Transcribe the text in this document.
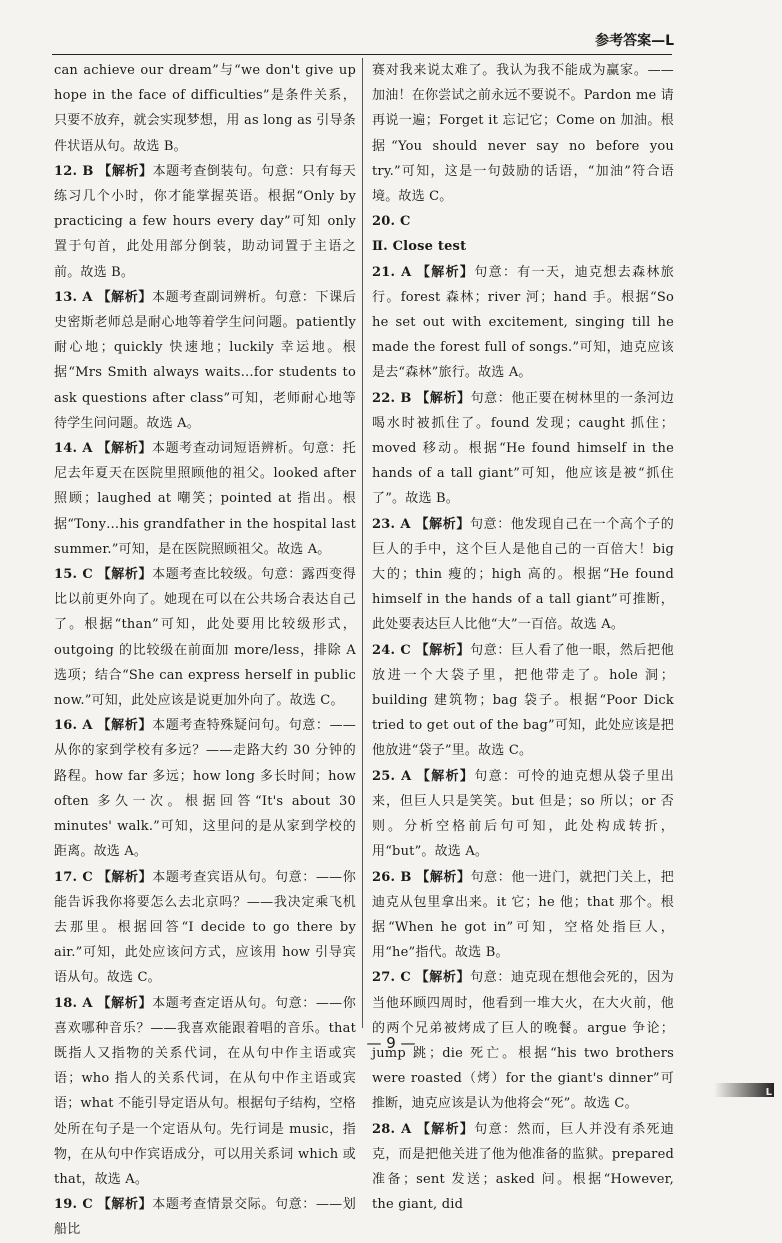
参考答案—L

can achieve our dream”与“we don't give up hope in the face of difficulties”是条件关系，只要不放弃，就会实现梦想，用 as long as 引导条件状语从句。故选 B。

12. B 【解析】本题考查倒装句。句意：只有每天练习几个小时，你才能掌握英语。根据“Only by practicing a few hours every day”可知 only 置于句首，此处用部分倒装，助动词置于主语之前。故选 B。

13. A 【解析】本题考查副词辨析。句意：下课后史密斯老师总是耐心地等着学生问问题。patiently 耐心地；quickly 快速地；luckily 幸运地。根据“Mrs Smith always waits…for students to ask questions after class”可知，老师耐心地等待学生问问题。故选 A。

14. A 【解析】本题考查动词短语辨析。句意：托尼去年夏天在医院里照顾他的祖父。looked after 照顾；laughed at 嘲笑；pointed at 指出。根据“Tony…his grandfather in the hospital last summer.”可知，是在医院照顾祖父。故选 A。

15. C 【解析】本题考查比较级。句意：露西变得比以前更外向了。她现在可以在公共场合表达自己了。根据“than”可知，此处要用比较级形式，outgoing 的比较级在前面加 more/less，排除 A 选项；结合“She can express herself in public now.”可知，此处应该是说更加外向了。故选 C。

16. A 【解析】本题考查特殊疑问句。句意：——从你的家到学校有多远？——走路大约 30 分钟的路程。how far 多远；how long 多长时间；how often 多久一次。根据回答“It's about 30 minutes' walk.”可知，这里问的是从家到学校的距离。故选 A。

17. C 【解析】本题考查宾语从句。句意：——你能告诉我你将要怎么去北京吗？——我决定乘飞机去那里。根据回答“I decide to go there by air.”可知，此处应该问方式，应该用 how 引导宾语从句。故选 C。

18. A 【解析】本题考查定语从句。句意：——你喜欢哪种音乐？——我喜欢能跟着唱的音乐。that 既指人又指物的关系代词，在从句中作主语或宾语；who 指人的关系代词，在从句中作主语或宾语；what 不能引导定语从句。根据句子结构，空格处所在句子是一个定语从句。先行词是 music，指物，在从句中作宾语成分，可以用关系词 which 或 that，故选 A。

19. C 【解析】本题考查情景交际。句意：——划船比

赛对我来说太难了。我认为我不能成为赢家。——加油！在你尝试之前永远不要说不。Pardon me 请再说一遍；Forget it 忘记它；Come on 加油。根据“You should never say no before you try.”可知，这是一句鼓励的话语，“加油”符合语境。故选 C。

20. C

Ⅱ. Close test

21. A 【解析】句意：有一天，迪克想去森林旅行。forest 森林；river 河；hand 手。根据“So he set out with excitement, singing till he made the forest full of songs.”可知，迪克应该是去“森林”旅行。故选 A。

22. B 【解析】句意：他正要在树林里的一条河边喝水时被抓住了。found 发现；caught 抓住；moved 移动。根据“He found himself in the hands of a tall giant”可知，他应该是被“抓住了”。故选 B。

23. A 【解析】句意：他发现自己在一个高个子的巨人的手中，这个巨人是他自己的一百倍大！big 大的；thin 瘦的；high 高的。根据“He found himself in the hands of a tall giant”可推断，此处要表达巨人比他“大”一百倍。故选 A。

24. C 【解析】句意：巨人看了他一眼，然后把他放进一个大袋子里，把他带走了。hole 洞；building 建筑物；bag 袋子。根据“Poor Dick tried to get out of the bag”可知，此处应该是把他放进“袋子”里。故选 C。

25. A 【解析】句意：可怜的迪克想从袋子里出来，但巨人只是笑笑。but 但是；so 所以；or 否则。分析空格前后句可知，此处构成转折，用“but”。故选 A。

26. B 【解析】句意：他一进门，就把门关上，把迪克从包里拿出来。it 它；he 他；that 那个。根据“When he got in”可知，空格处指巨人，用“he”指代。故选 B。

27. C 【解析】句意：迪克现在想他会死的，因为当他环顾四周时，他看到一堆大火，在大火前，他的两个兄弟被烤成了巨人的晚餐。argue 争论；jump 跳；die 死亡。根据“his two brothers were roasted（烤）for the giant's dinner”可推断，迪克应该是认为他将会“死”。故选 C。

28. A 【解析】句意：然而，巨人并没有杀死迪克，而是把他关进了他为他准备的监狱。prepared 准备；sent 发送；asked 问。根据“However, the giant, did

— 9 —
L
